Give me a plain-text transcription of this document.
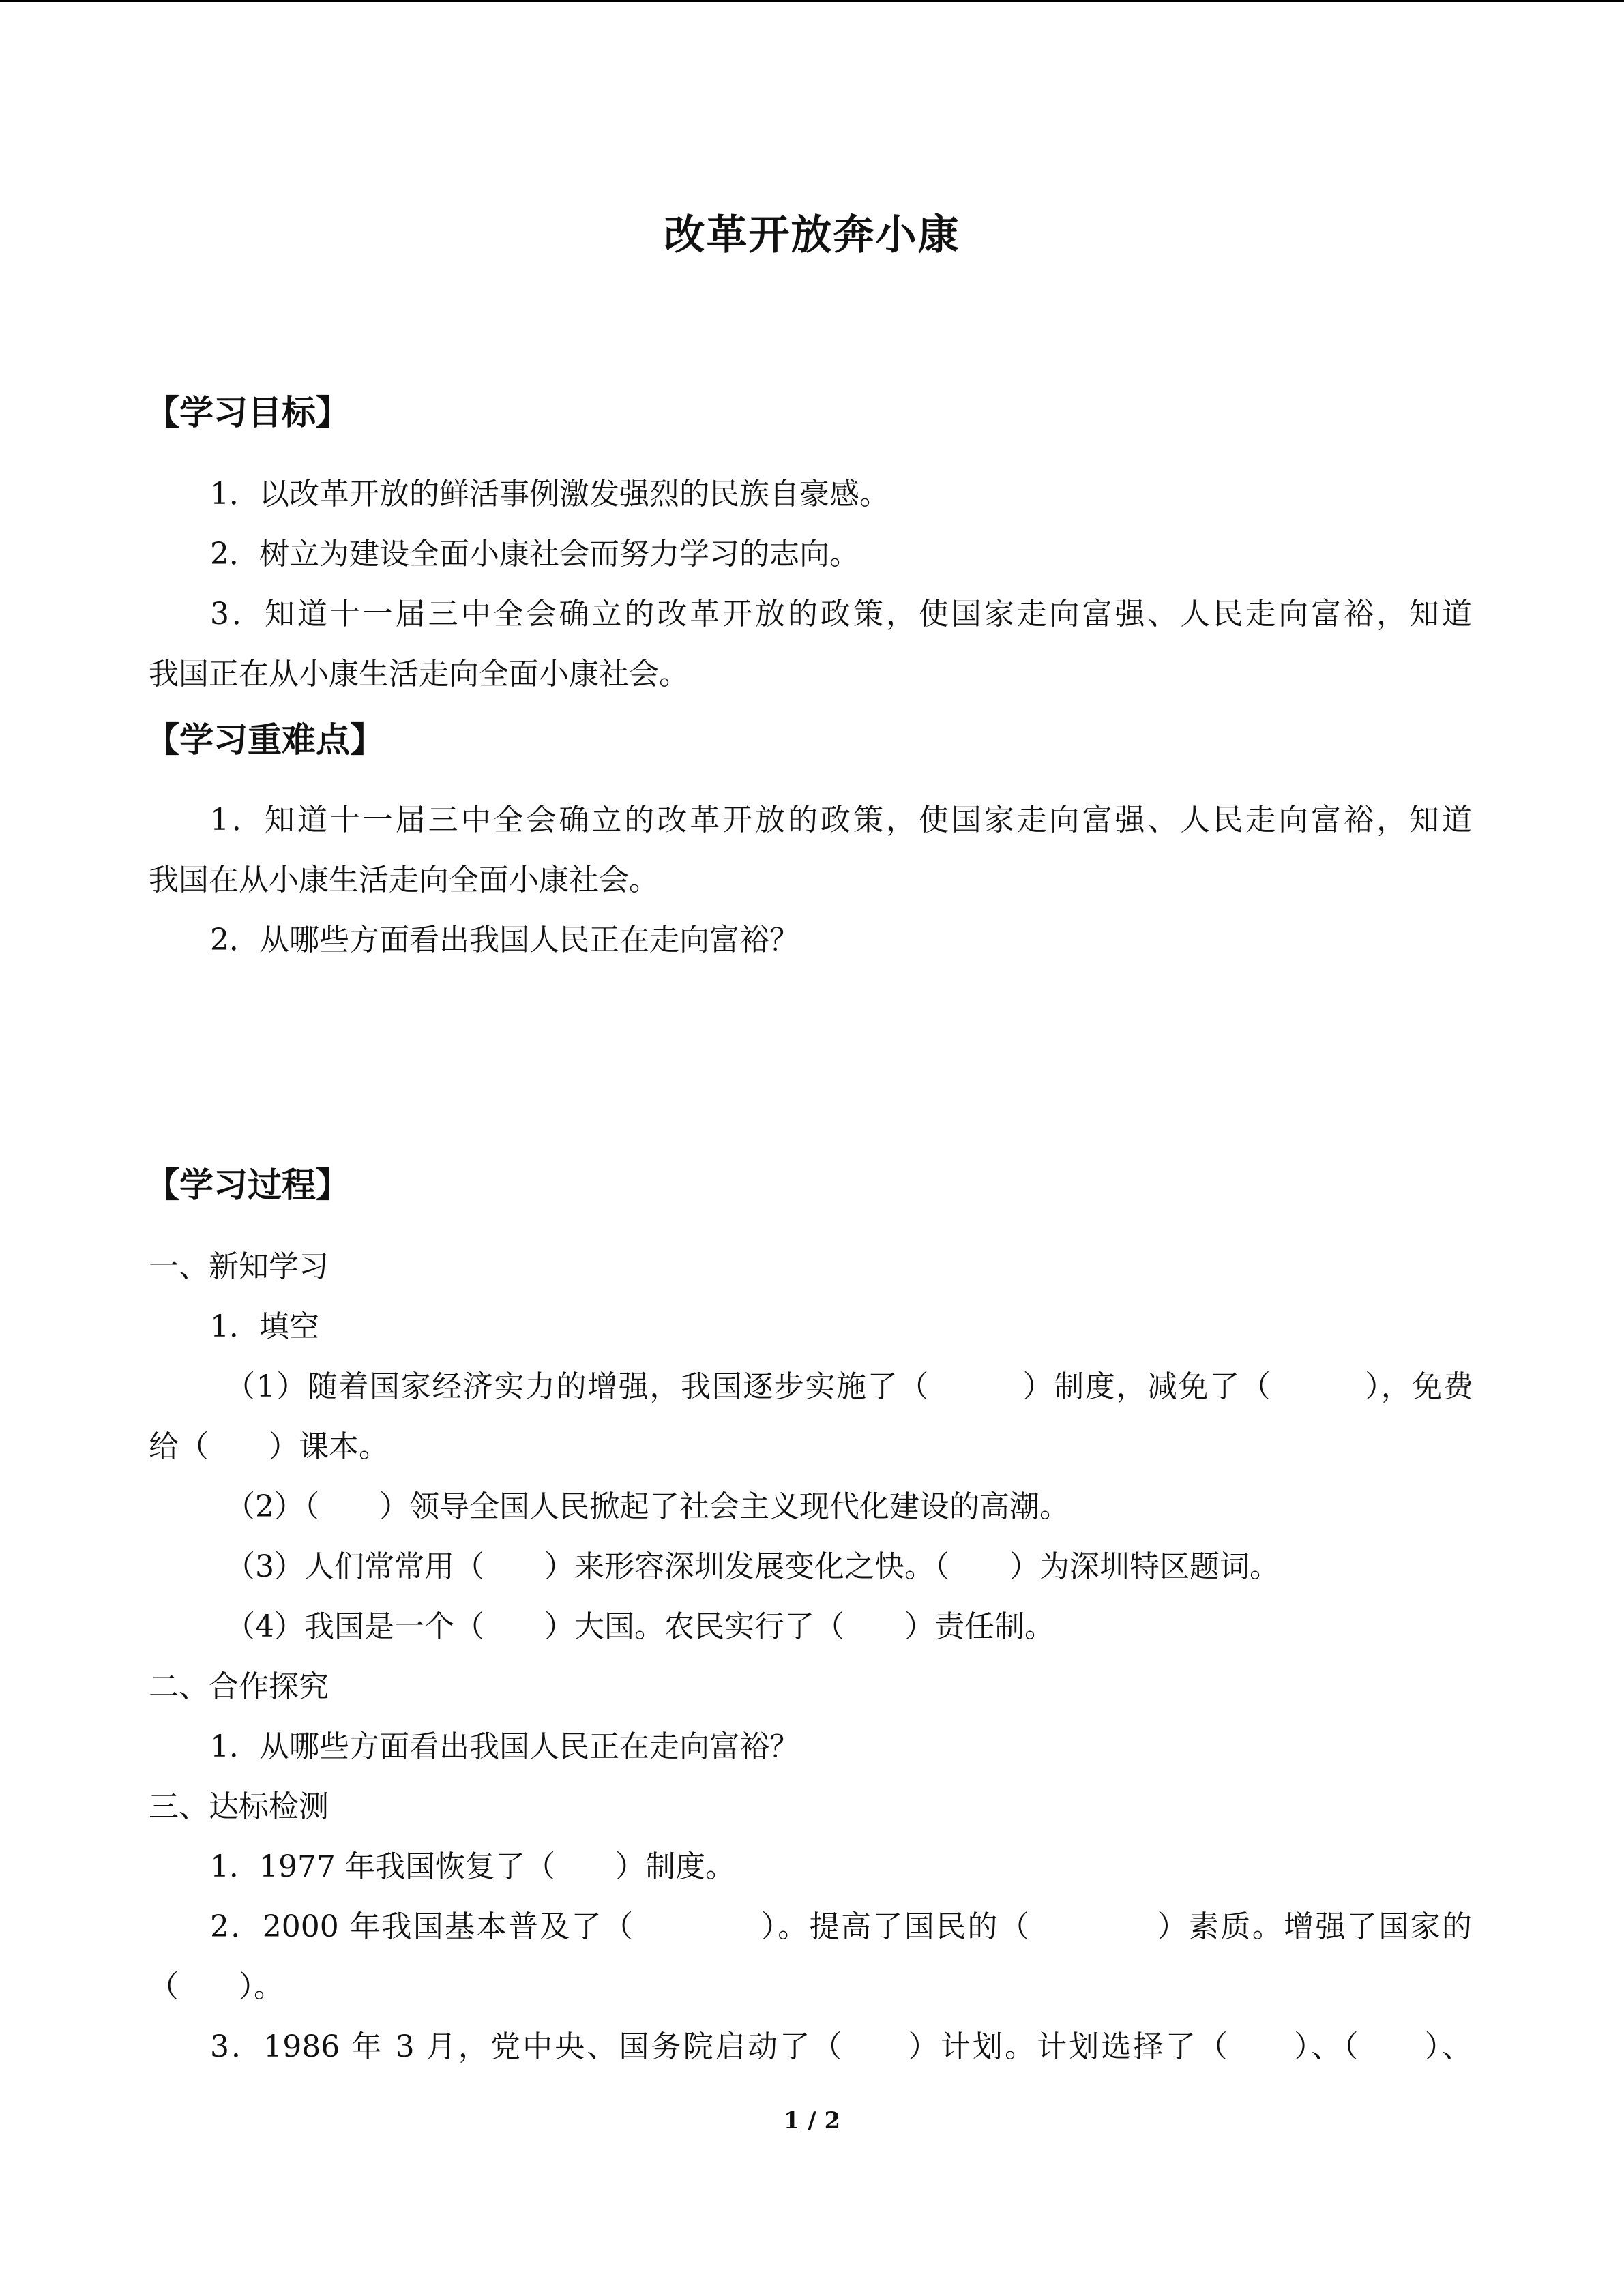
改革开放奔小康
【学习目标】
1．以改革开放的鲜活事例激发强烈的民族自豪感。
2．树立为建设全面小康社会而努力学习的志向。
3．知道十一届三中全会确立的改革开放的政策，使国家走向富强、人民走向富裕，知道
我国正在从小康生活走向全面小康社会。
【学习重难点】
1．知道十一届三中全会确立的改革开放的政策，使国家走向富强、人民走向富裕，知道
我国在从小康生活走向全面小康社会。
2．从哪些方面看出我国人民正在走向富裕？
【学习过程】
一、新知学习
1．填空
（1）随着国家经济实力的增强，我国逐步实施了（　　　）制度，减免了（　　　），免费
给（　　）课本。
（2）（　　）领导全国人民掀起了社会主义现代化建设的高潮。
（3）人们常常用（　　）来形容深圳发展变化之快。（　　）为深圳特区题词。
（4）我国是一个（　　）大国。农民实行了（　　）责任制。
二、合作探究
1．从哪些方面看出我国人民正在走向富裕？
三、达标检测
1．1977 年我国恢复了（　　）制度。
2．2000 年我国基本普及了（　　　　）。提高了国民的（　　　　）素质。增强了国家的
（　　）。
3．1986 年 3 月，党中央、国务院启动了（　　）计划。计划选择了（　　）、（　　）、
1 / 2
